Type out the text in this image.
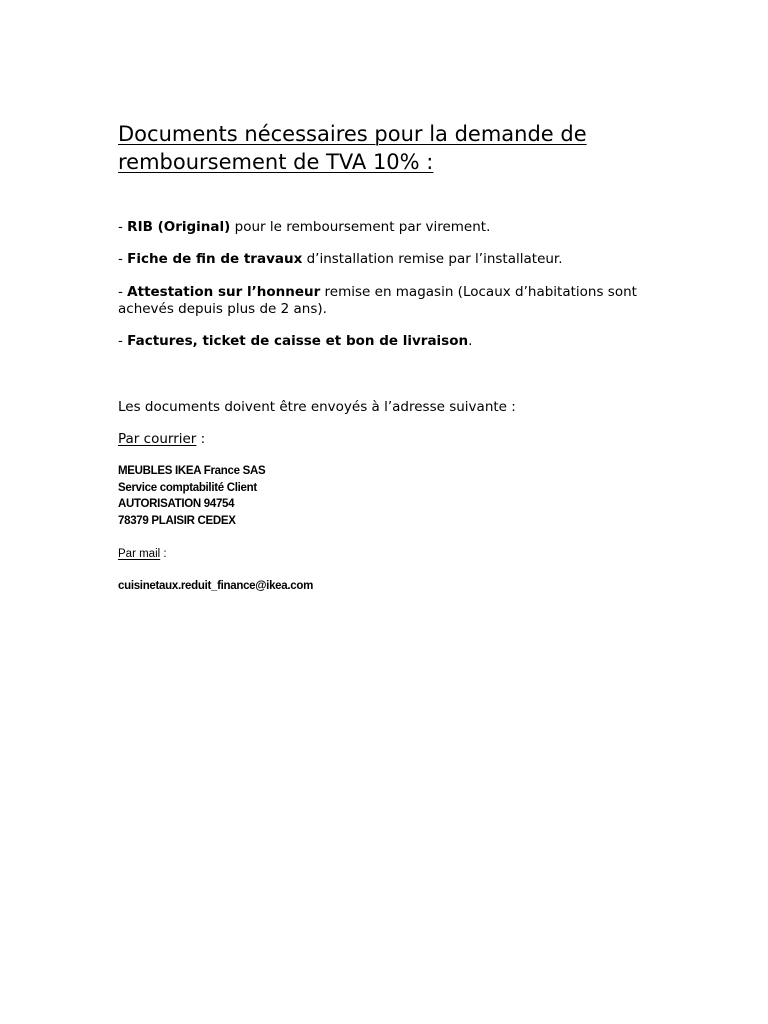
Documents nécessaires pour la demande de
remboursement de TVA 10% :

- RIB (Original) pour le remboursement par virement.

- Fiche de fin de travaux d’installation remise par l’installateur.

- Attestation sur l’honneur remise en magasin (Locaux d’habitations sont achevés depuis plus de 2 ans).

- Factures, ticket de caisse et bon de livraison.

Les documents doivent être envoyés à l’adresse suivante :

Par courrier :

MEUBLES IKEA France SAS
Service comptabilité Client
AUTORISATION 94754
78379 PLAISIR CEDEX

Par mail :

cuisinetaux.reduit_finance@ikea.com
